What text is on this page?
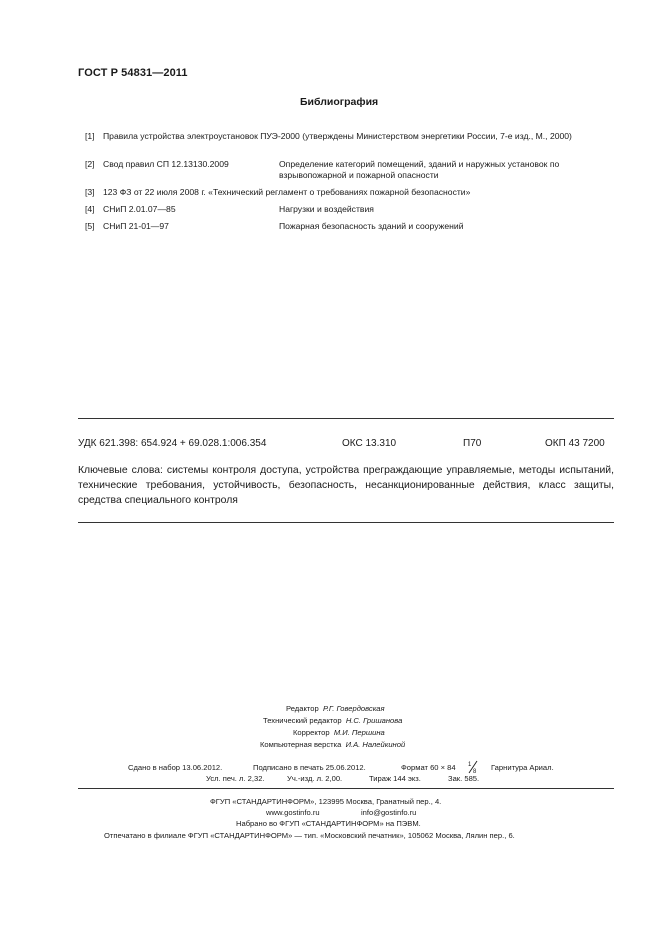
ГОСТ Р 54831—2011
Библиография
[1] Правила устройства электроустановок ПУЭ-2000 (утверждены Министерством энергетики России, 7-е изд., М., 2000)
[2] Свод правил СП 12.13130.2009	Определение категорий помещений, зданий и наружных установок по взрывопожарной и пожарной опасности
[3] 123 ФЗ от 22 июля 2008 г. «Технический регламент о требованиях пожарной безопасности»
[4] СНиП 2.01.07—85	Нагрузки и воздействия
[5] СНиП 21-01—97	Пожарная безопасность зданий и сооружений
УДК 621.398: 654.924 + 69.028.1:006.354	ОКС 13.310	П70	ОКП 43 7200
Ключевые слова: системы контроля доступа, устройства преграждающие управляемые, методы испытаний, технические требования, устойчивость, безопасность, несанкционированные действия, класс защиты, средства специального контроля
Редактор Р.Г. Говердовская
Технический редактор Н.С. Гришанова
Корректор М.И. Першина
Компьютерная верстка И.А. Налейкиной
Сдано в набор 13.06.2012.	Подписано в печать 25.06.2012.	Формат 60 × 84 1
8 Гарнитура Ариал.
Усл. печ. л. 2,32.	Уч.-изд. л. 2,00.	Тираж 144 экз.	Зак. 585.
ФГУП «СТАНДАРТИНФОРМ», 123995 Москва, Гранатный пер., 4.
www.gostinfo.ru	info@gostinfo.ru
Набрано во ФГУП «СТАНДАРТИНФОРМ» на ПЭВМ.
Отпечатано в филиале ФГУП «СТАНДАРТИНФОРМ» — тип. «Московский печатник», 105062 Москва, Лялин пер., 6.
